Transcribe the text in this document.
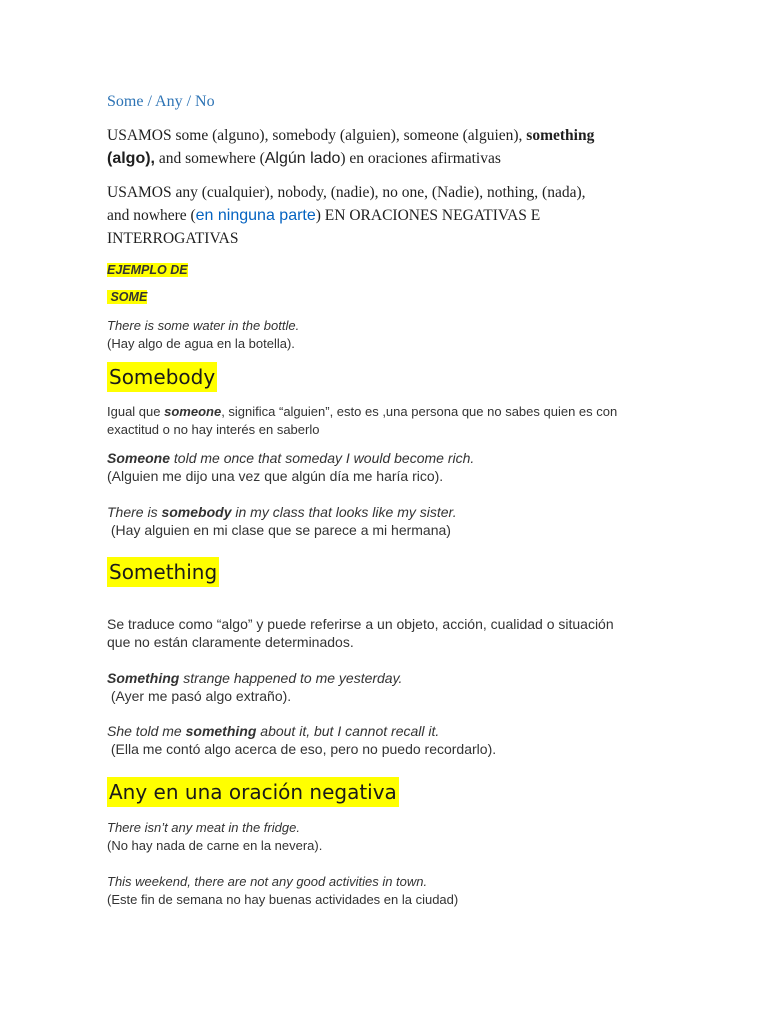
Some / Any / No
USAMOS some (alguno), somebody (alguien), someone (alguien), something
(algo), and somewhere (Algún lado) en oraciones afirmativas
USAMOS any (cualquier), nobody, (nadie), no one, (Nadie), nothing, (nada),
and nowhere (en ninguna parte) EN ORACIONES NEGATIVAS E
INTERROGATIVAS
EJEMPLO DE
SOME
There is some water in the bottle.
(Hay algo de agua en la botella).
Somebody
Igual que someone, significa “alguien”, esto es ,una persona que no sabes quien es con
exactitud o no hay interés en saberlo
Someone told me once that someday I would become rich.
(Alguien me dijo una vez que algún día me haría rico).
There is somebody in my class that looks like my sister.
(Hay alguien en mi clase que se parece a mi hermana)
Something
Se traduce como “algo” y puede referirse a un objeto, acción, cualidad o situación
que no están claramente determinados.
Something strange happened to me yesterday.
(Ayer me pasó algo extraño).
She told me something about it, but I cannot recall it.
(Ella me contó algo acerca de eso, pero no puedo recordarlo).
Any en una oración negativa
There isn’t any meat in the fridge.
(No hay nada de carne en la nevera).
This weekend, there are not any good activities in town.
(Este fin de semana no hay buenas actividades en la ciudad)
